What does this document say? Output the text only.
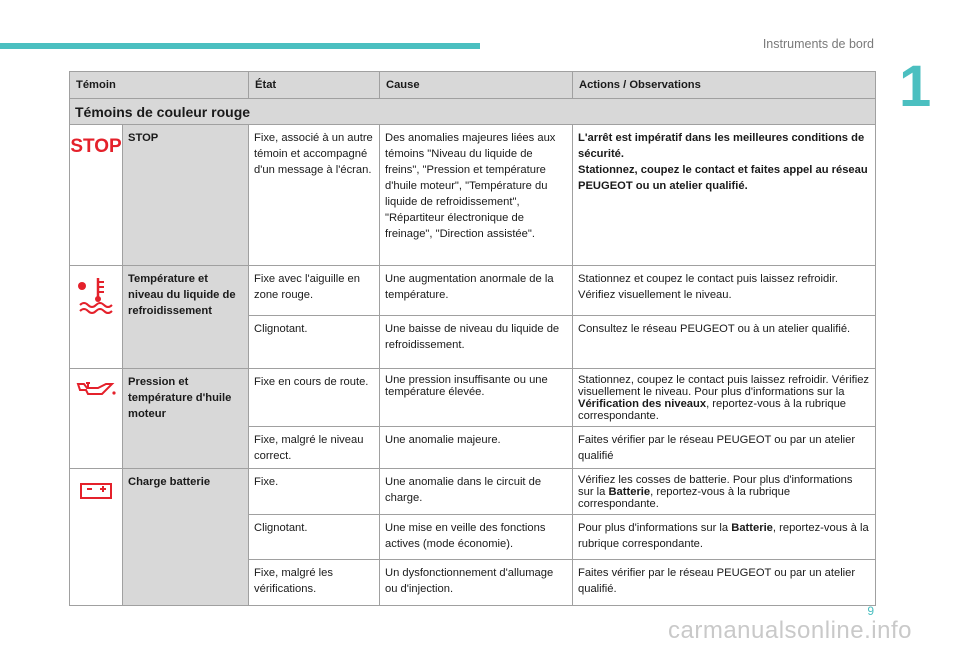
Instruments de bord
1
Témoin		État	Cause	Actions / Observations
Témoins de couleur rouge				

STOP	STOP	Fixe, associé à un autre témoin et accompagné d'un message à l'écran.	Des anomalies majeures liées aux témoins "Niveau du liquide de freins", "Pression et température d'huile moteur", "Température du liquide de refroidissement", "Répartiteur électronique de freinage", "Direction assistée".	L'arrêt est impératif dans les meilleures conditions de sécurité.
Stationnez, coupez le contact et faites appel au réseau PEUGEOT ou un atelier qualifié.

	Température et niveau du liquide de refroidissement	Fixe avec l'aiguille en zone rouge.	Une augmentation anormale de la température.	Stationnez et coupez le contact puis laissez refroidir. Vérifiez visuellement le niveau.
		Clignotant.	Une baisse de niveau du liquide de refroidissement.	Consultez le réseau PEUGEOT ou à un atelier qualifié.

	Pression et température d'huile moteur	Fixe en cours de route.	Une pression insuffisante ou une température élevée.	Stationnez, coupez le contact puis laissez refroidir. Vérifiez visuellement le niveau. Pour plus d'informations sur la Vérification des niveaux, reportez-vous à la rubrique correspondante.
		Fixe, malgré le niveau correct.	Une anomalie majeure.	Faites vérifier par le réseau PEUGEOT ou par un atelier qualifié

	Charge batterie	Fixe.	Une anomalie dans le circuit de charge.	Vérifiez les cosses de batterie. Pour plus d'informations sur la Batterie, reportez-vous à la rubrique correspondante.
		Clignotant.	Une mise en veille des fonctions actives (mode économie).	Pour plus d'informations sur la Batterie, reportez-vous à la rubrique correspondante.
		Fixe, malgré les vérifications.	Un dysfonctionnement d'allumage ou d'injection.	Faites vérifier par le réseau PEUGEOT ou par un atelier qualifié.
9
carmanualsonline.info
